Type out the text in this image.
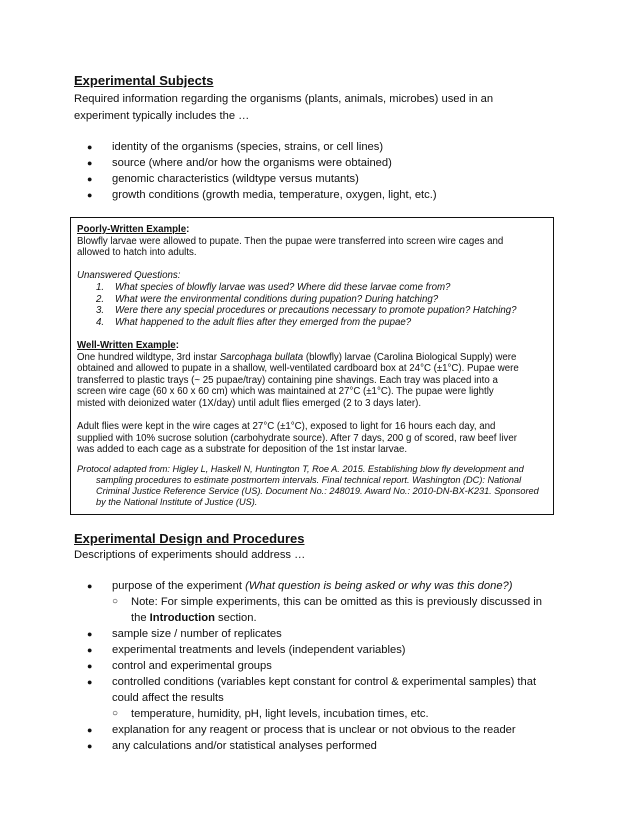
Experimental Subjects

Required information regarding the organisms (plants, animals, microbes) used in an

experiment typically includes the …

● identity of the organisms (species, strains, or cell lines)
● source (where and/or how the organisms were obtained)
● genomic characteristics (wildtype versus mutants)
● growth conditions (growth media, temperature, oxygen, light, etc.)
Poorly-Written Example:
Blowfly larvae were allowed to pupate. Then the pupae were transferred into screen wire cages and
allowed to hatch into adults.
Unanswered Questions:
1. What species of blowfly larvae was used? Where did these larvae come from?
2. What were the environmental conditions during pupation? During hatching?
3. Were there any special procedures or precautions necessary to promote pupation? Hatching?
4. What happened to the adult flies after they emerged from the pupae?
Well-Written Example:
One hundred wildtype, 3rd instar Sarcophaga bullata (blowfly) larvae (Carolina Biological Supply) were
obtained and allowed to pupate in a shallow, well-ventilated cardboard box at 24°C (±1°C). Pupae were
transferred to plastic trays (~ 25 pupae/tray) containing pine shavings. Each tray was placed into a
screen wire cage (60 x 60 x 60 cm) which was maintained at 27°C (±1°C). The pupae were lightly
misted with deionized water (1X/day) until adult flies emerged (2 to 3 days later).
Adult flies were kept in the wire cages at 27°C (±1°C), exposed to light for 16 hours each day, and
supplied with 10% sucrose solution (carbohydrate source). After 7 days, 200 g of scored, raw beef liver
was added to each cage as a substrate for deposition of the 1st instar larvae.
Protocol adapted from: Higley L, Haskell N, Huntington T, Roe A. 2015. Establishing blow fly development and
sampling procedures to estimate postmortem intervals. Final technical report. Washington (DC): National
Criminal Justice Reference Service (US). Document No.: 248019. Award No.: 2010-DN-BX-K231. Sponsored
by the National Institute of Justice (US).
Experimental Design and Procedures

Descriptions of experiments should address …

● purpose of the experiment (What question is being asked or why was this done?)
○ Note: For simple experiments, this can be omitted as this is previously discussed in
the Introduction section.
● sample size / number of replicates
● experimental treatments and levels (independent variables)
● control and experimental groups
● controlled conditions (variables kept constant for control & experimental samples) that
could affect the results
○ temperature, humidity, pH, light levels, incubation times, etc.
● explanation for any reagent or process that is unclear or not obvious to the reader
● any calculations and/or statistical analyses performed
